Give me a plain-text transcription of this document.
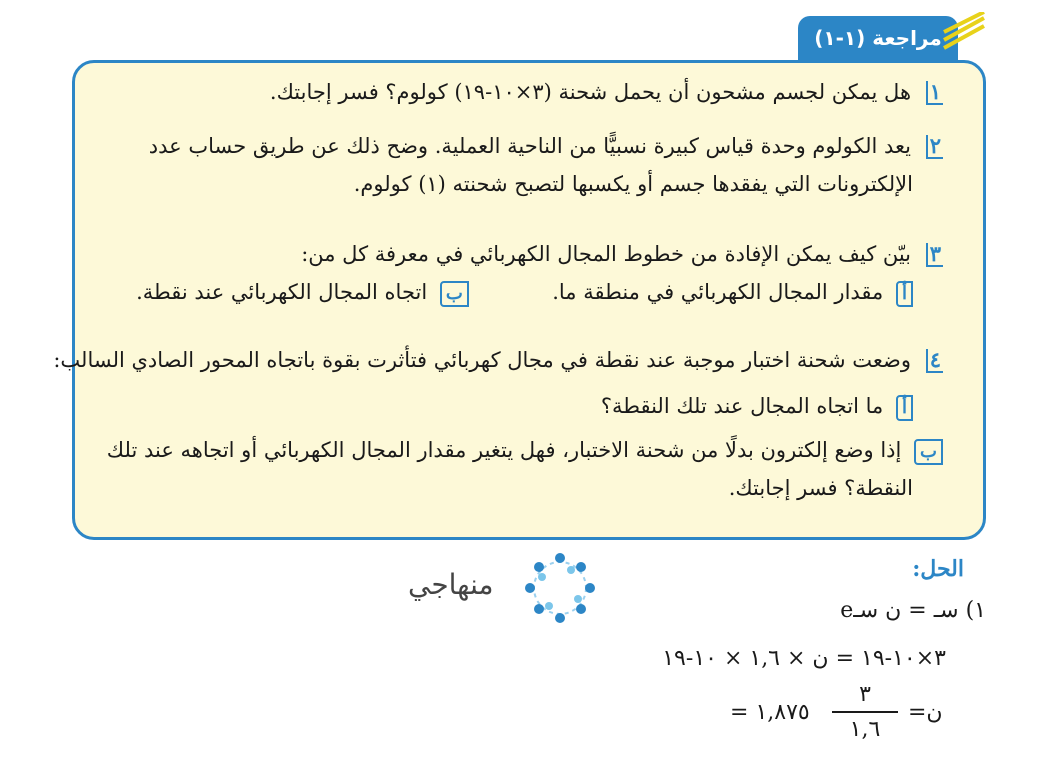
مراجعة (١-١)
١ هل يمكن لجسم مشحون أن يحمل شحنة (٣×١٠-١٩) كولوم؟ فسر إجابتك.
٢ يعد الكولوم وحدة قياس كبيرة نسبيًّا من الناحية العملية. وضح ذلك عن طريق حساب عدد
الإلكترونات التي يفقدها جسم أو يكسبها لتصبح شحنته (١) كولوم.
٣ بيّن كيف يمكن الإفادة من خطوط المجال الكهربائي في معرفة كل من:
أ مقدار المجال الكهربائي في منطقة ما.  ب اتجاه المجال الكهربائي عند نقطة.
٤ وضعت شحنة اختبار موجبة عند نقطة في مجال كهربائي فتأثرت بقوة باتجاه المحور الصادي السالب:
أ ما اتجاه المجال عند تلك النقطة؟
ب إذا وضع إلكترون بدلًا من شحنة الاختبار، فهل يتغير مقدار المجال الكهربائي أو اتجاهه عند تلك
النقطة؟ فسر إجابتك.
الحل:
منهاجي
١) سـ = ن سـe
٣×١٠-١٩ = ن × ١,٦ × ١٠-١٩
ن=
٣
١,٦
١,٨٧٥ =
